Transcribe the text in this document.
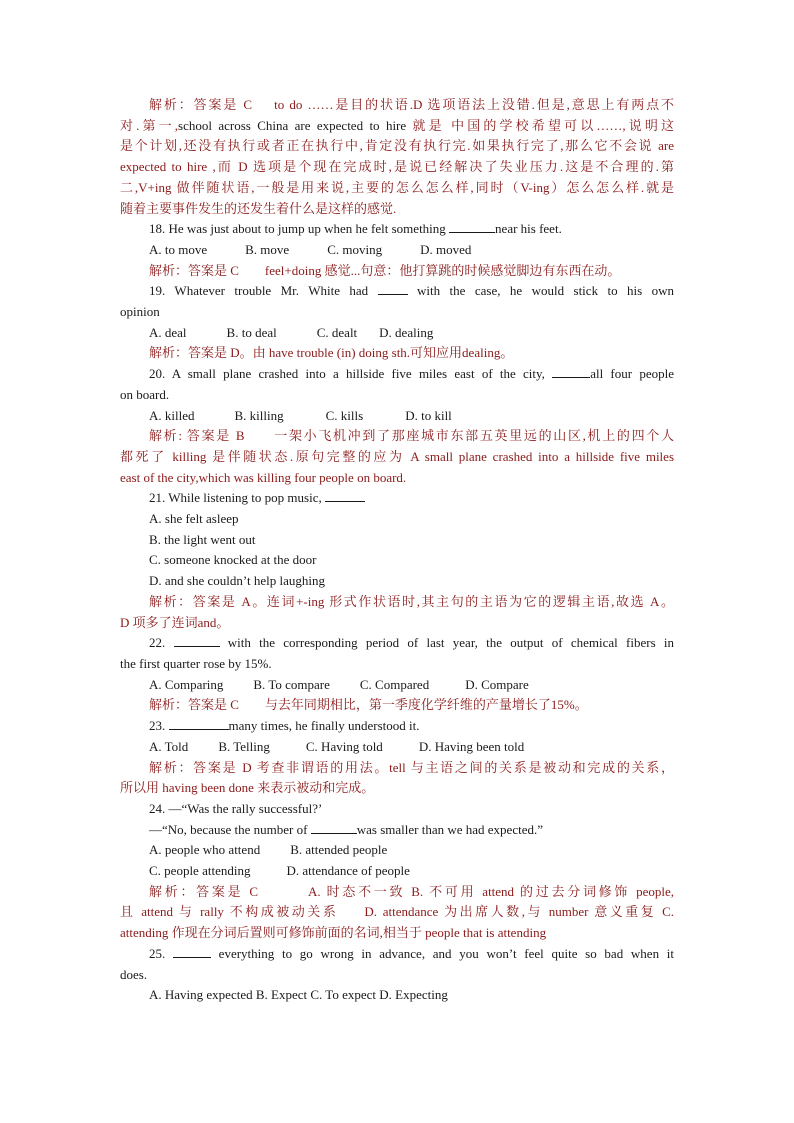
解析：答案是 C to do ……是目的状语.D 选项语法上没错.但是,意思上有两点不

对.第一,school across China are expected to hire 就是 中国的学校希望可以……,说明这

是个计划,还没有执行或者正在执行中,肯定没有执行完.如果执行完了,那么它不会说 are

expected to hire ,而 D 选项是个现在完成时,是说已经解决了失业压力.这是不合理的.第

二,V+ing 做伴随状语,一般是用来说,主要的怎么怎么样,同时（V-ing）怎么怎么样.就是

随着主要事件发生的还发生着什么是这样的感觉.

18. He was just about to jump up when he felt something	near his feet.

A. to move	B. move	C. moving	D. moved

解析：答案是 C feel+doing 感觉...句意：他打算跳的时候感觉脚边有东西在动。

19. Whatever trouble Mr. White had  with the case, he would stick to his own

opinion

A. deal	B. to deal	C. dealt D. dealing

解析：答案是 D。由 have trouble (in) doing sth.可知应用dealing。

20. A small plane crashed into a hillside five miles east of the city,	all four people

on board.

A. killed	B. killing	C. kills	D. to kill

解析: 答案是 B 一架小飞机冲到了那座城市东部五英里远的山区,机上的四个人

都死了 killing 是伴随状态.原句完整的应为 A small plane crashed into a hillside five miles

east of the city,which was killing four people on board.

21. While listening to pop music,

A. she felt asleep

B. the light went out

C. someone knocked at the door

D. and she couldn’t help laughing

解析：答案是 A。连词+-ing 形式作状语时,其主句的主语为它的逻辑主语,故选 A。

D 项多了连词and。

22.	with the corresponding period of last year, the output of chemical fibers in

the first quarter rose by 15%.

A. Comparing B. To compare C. Compared	D. Compare

解析：答案是 C 与去年同期相比，第一季度化学纤维的产量增长了15%。

23.	many times, he finally understood it.

A. Told B. Telling	C. Having told	D. Having been told

解析：答案是 D 考查非谓语的用法。tell 与主语之间的关系是被动和完成的关系，

所以用 having been done 来表示被动和完成。

24. —“Was the rally successful?’

—“No, because the number of	was smaller than we had expected.”

A. people who attend B. attended people

C. people attending	D. attendance of people

解析：答案是 C	A. 时态不一致 B. 不可用 attend 的过去分词修饰 people,

且 attend 与 rally 不构成被动关系 D. attendance 为出席人数,与 number 意义重复 C.

attending 作现在分词后置则可修饰前面的名词,相当于 people that is attending

25.	everything to go wrong in advance, and you won’t feel quite so bad when it

does.

A. Having expected B. Expect C. To expect D. Expecting
